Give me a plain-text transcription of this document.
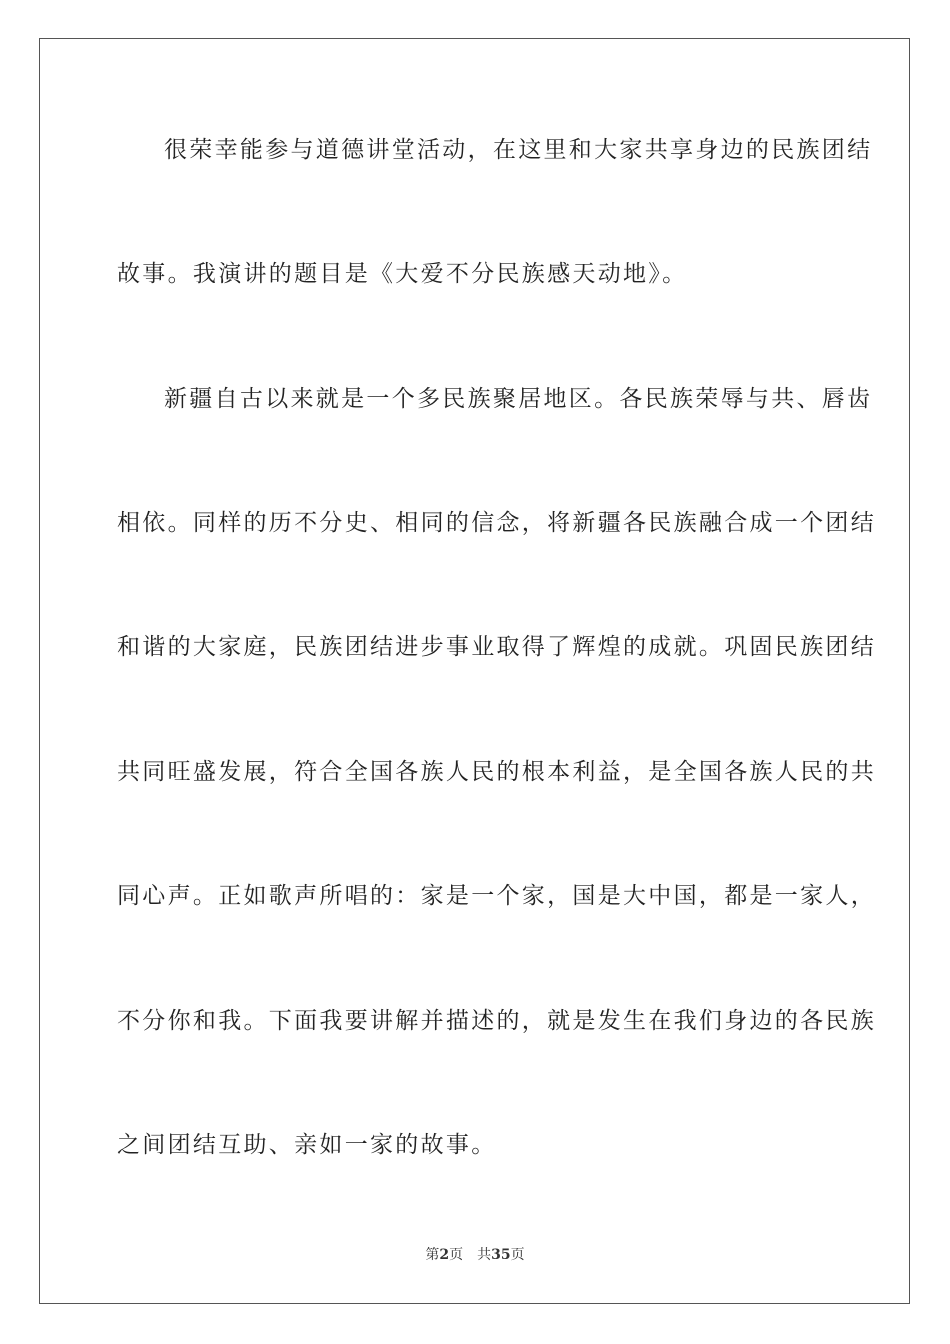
很荣幸能参与道德讲堂活动，在这里和大家共享身边的民族团结
故事。我演讲的题目是《大爱不分民族感天动地》。
新疆自古以来就是一个多民族聚居地区。各民族荣辱与共、唇齿
相依。同样的历不分史、相同的信念，将新疆各民族融合成一个团结
和谐的大家庭，民族团结进步事业取得了辉煌的成就。巩固民族团结
共同旺盛发展，符合全国各族人民的根本利益，是全国各族人民的共
同心声。正如歌声所唱的：家是一个家，国是大中国，都是一家人，
不分你和我。下面我要讲解并描述的，就是发生在我们身边的各民族
之间团结互助、亲如一家的故事。
第2页 共35页
